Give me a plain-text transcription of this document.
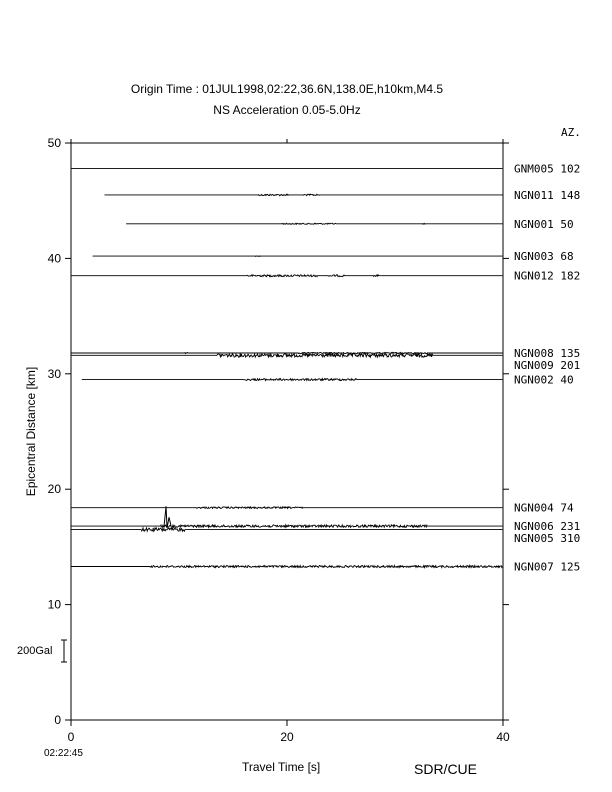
Origin Time : 01JUL1998,02:22,36.6N,138.0E,h10km,M4.5
NS Acceleration 0.05-5.0Hz
AZ.
Travel Time [s]
02:22:45
SDR/CUE
200Gal
0
10
20
30
40
50
0	20	40
Epicentral Distance [km]
GNM005 102
NGN011 148
NGN001 50
NGN003 68
NGN012 182
NGN008 135
NGN009 201
NGN002 40
NGN004 74
NGN006 231
NGN005 310
NGN007 125
